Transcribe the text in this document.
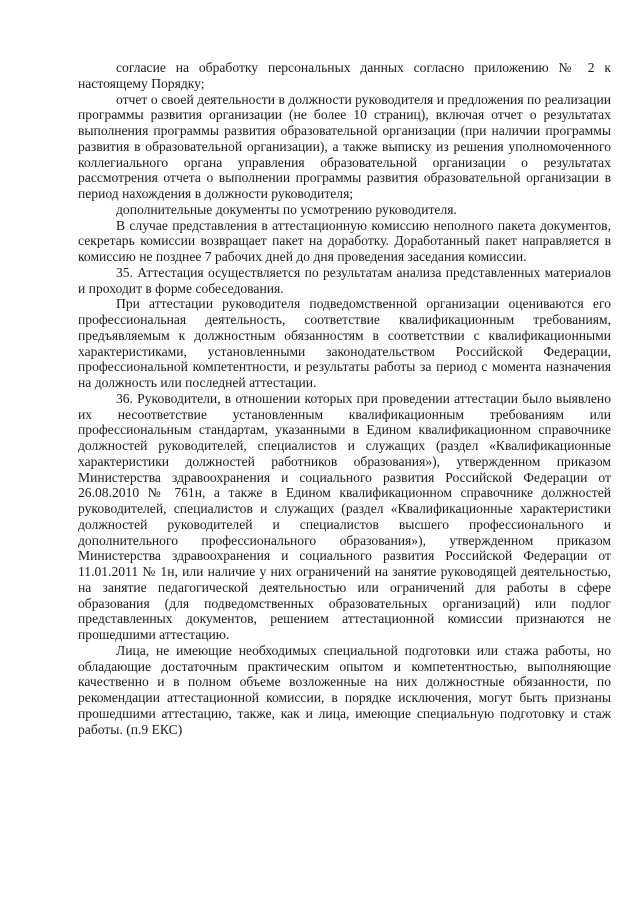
согласие на обработку персональных данных согласно приложению № 2 к настоящему Порядку;

отчет о своей деятельности в должности руководителя и предложения по реализации программы развития организации (не более 10 страниц), включая отчет о результатах выполнения программы развития образовательной организации (при наличии программы развития в образовательной организации), а также выписку из решения уполномоченного коллегиального органа управления образовательной организации о результатах рассмотрения отчета о выполнении программы развития образовательной организации в период нахождения в должности руководителя;

дополнительные документы по усмотрению руководителя.

В случае представления в аттестационную комиссию неполного пакета документов, секретарь комиссии возвращает пакет на доработку. Доработанный пакет направляется в комиссию не позднее 7 рабочих дней до дня проведения заседания комиссии.

35. Аттестация осуществляется по результатам анализа представленных материалов и проходит в форме собеседования.

При аттестации руководителя подведомственной организации оцениваются его профессиональная деятельность, соответствие квалификационным требованиям, предъявляемым к должностным обязанностям в соответствии с квалификационными характеристиками, установленными законодательством Российской Федерации, профессиональной компетентности, и результаты работы за период с момента назначения на должность или последней аттестации.

36. Руководители, в отношении которых при проведении аттестации было выявлено их несоответствие установленным квалификационным требованиям или профессиональным стандартам, указанными в Едином квалификационном справочнике должностей руководителей, специалистов и служащих (раздел «Квалификационные характеристики должностей работников образования»), утвержденном приказом Министерства здравоохранения и социального развития Российской Федерации от 26.08.2010 № 761н, а также в Едином квалификационном справочнике должностей руководителей, специалистов и служащих (раздел «Квалификационные характеристики должностей руководителей и специалистов высшего профессионального и дополнительного профессионального образования»), утвержденном приказом Министерства здравоохранения и социального развития Российской Федерации от 11.01.2011 № 1н, или наличие у них ограничений на занятие руководящей деятельностью, на занятие педагогической деятельностью или ограничений для работы в сфере образования (для подведомственных образовательных организаций) или подлог представленных документов, решением аттестационной комиссии признаются не прошедшими аттестацию.

Лица, не имеющие необходимых специальной подготовки или стажа работы, но обладающие достаточным практическим опытом и компетентностью, выполняющие качественно и в полном объеме возложенные на них должностные обязанности, по рекомендации аттестационной комиссии, в порядке исключения, могут быть признаны прошедшими аттестацию, также, как и лица, имеющие специальную подготовку и стаж работы. (п.9 ЕКС)
